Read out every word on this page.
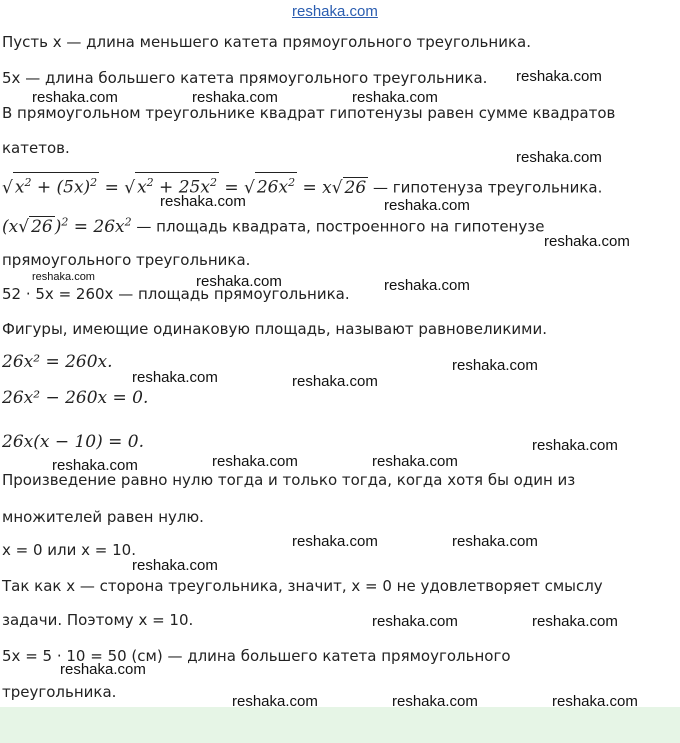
reshaka.com
Пусть x — длина меньшего катета прямоугольного треугольника.
5x — длина большего катета прямоугольного треугольника.
В прямоугольном треугольнике квадрат гипотенузы равен сумме квадратов
катетов.
√ $x^2 + (5x)^2$ = √ $x^2 + 25x^2$ = √ $26x^2 = x√$ 26 — гипотенуза треугольника.
(x√ 26 )$^2 = 26x^2$ — площадь квадрата, построенного на гипотенузе
прямоугольного треугольника.
52 · 5x = 260x — площадь прямоугольника.
Фигуры, имеющие одинаковую площадь, называют равновеликими.
26x² = 260x.
26x² − 260x = 0.
26x(x − 10) = 0.
Произведение равно нулю тогда и только тогда, когда хотя бы один из
множителей равен нулю.
x = 0 или x = 10.
Так как x — сторона треугольника, значит, x = 0 не удовлетворяет смыслу
задачи. Поэтому x = 10.
5x = 5 · 10 = 50 (см) — длина большего катета прямоугольного
треугольника.
reshaka.com
reshaka.com	reshaka.com	reshaka.com
reshaka.com
reshaka.com	reshaka.com
reshaka.com
reshaka.com	reshaka.com	reshaka.com
reshaka.com
reshaka.com	reshaka.com
reshaka.com
reshaka.com	reshaka.com	reshaka.com
reshaka.com	reshaka.com
reshaka.com
reshaka.com	reshaka.com
reshaka.com
reshaka.com	reshaka.com	reshaka.com
